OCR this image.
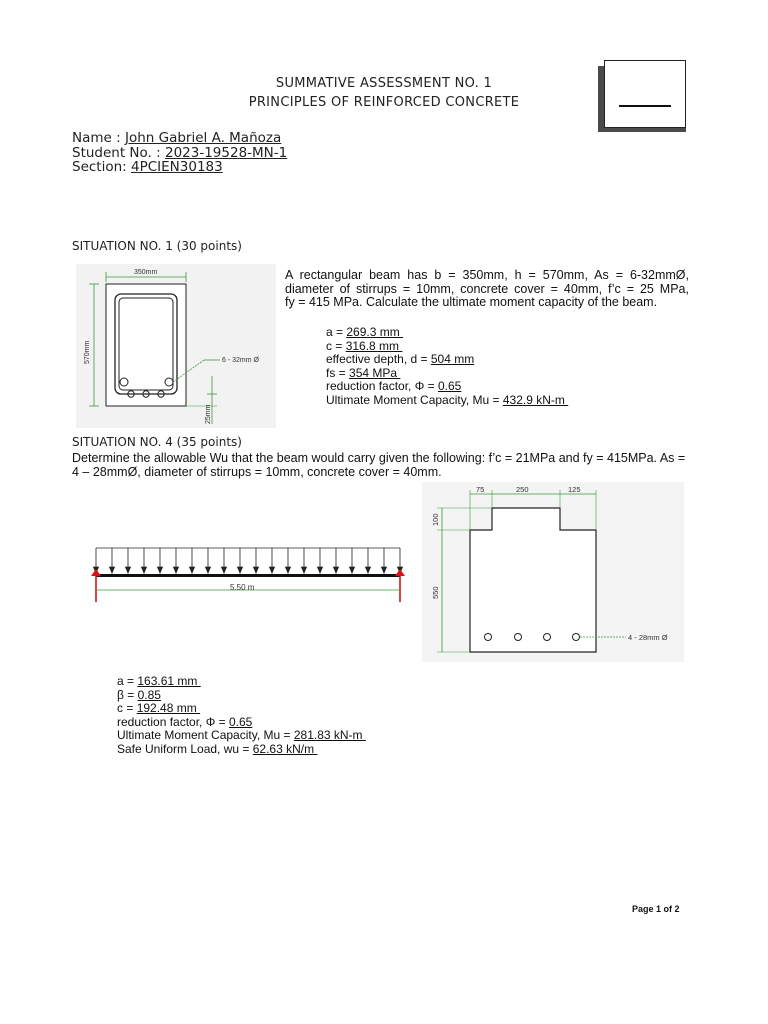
SUMMATIVE ASSESSMENT NO. 1
PRINCIPLES OF REINFORCED CONCRETE
Name : John Gabriel A. Mañoza
Student No. : 2023-19528-MN-1
Section: 4PCIEN30183
SITUATION NO. 1 (30 points)
350mm
570mm	6 - 32mm Ø
25mm
A rectangular beam has b = 350mm, h = 570mm, As = 6-32mmØ,
diameter of stirrups = 10mm, concrete cover = 40mm, f’c = 25 MPa,
fy = 415 MPa. Calculate the ultimate moment capacity of the beam.
a = 269.3 mm
c = 316.8 mm
effective depth, d = 504 mm
fs = 354 MPa
reduction factor, Φ = 0.65
Ultimate Moment Capacity, Mu = 432.9 kN-m
SITUATION NO. 4 (35 points)
Determine the allowable Wu that the beam would carry given the following: f’c = 21MPa and fy = 415MPa. As =
4 – 28mmØ, diameter of stirrups = 10mm, concrete cover = 40mm.
5.50 m
75	250	125
100
550
4 - 28mm Ø
a = 163.61 mm
β = 0.85
c = 192.48 mm
reduction factor, Φ = 0.65
Ultimate Moment Capacity, Mu = 281.83 kN-m
Safe Uniform Load, wu = 62.63 kN/m
Page 1 of 2
